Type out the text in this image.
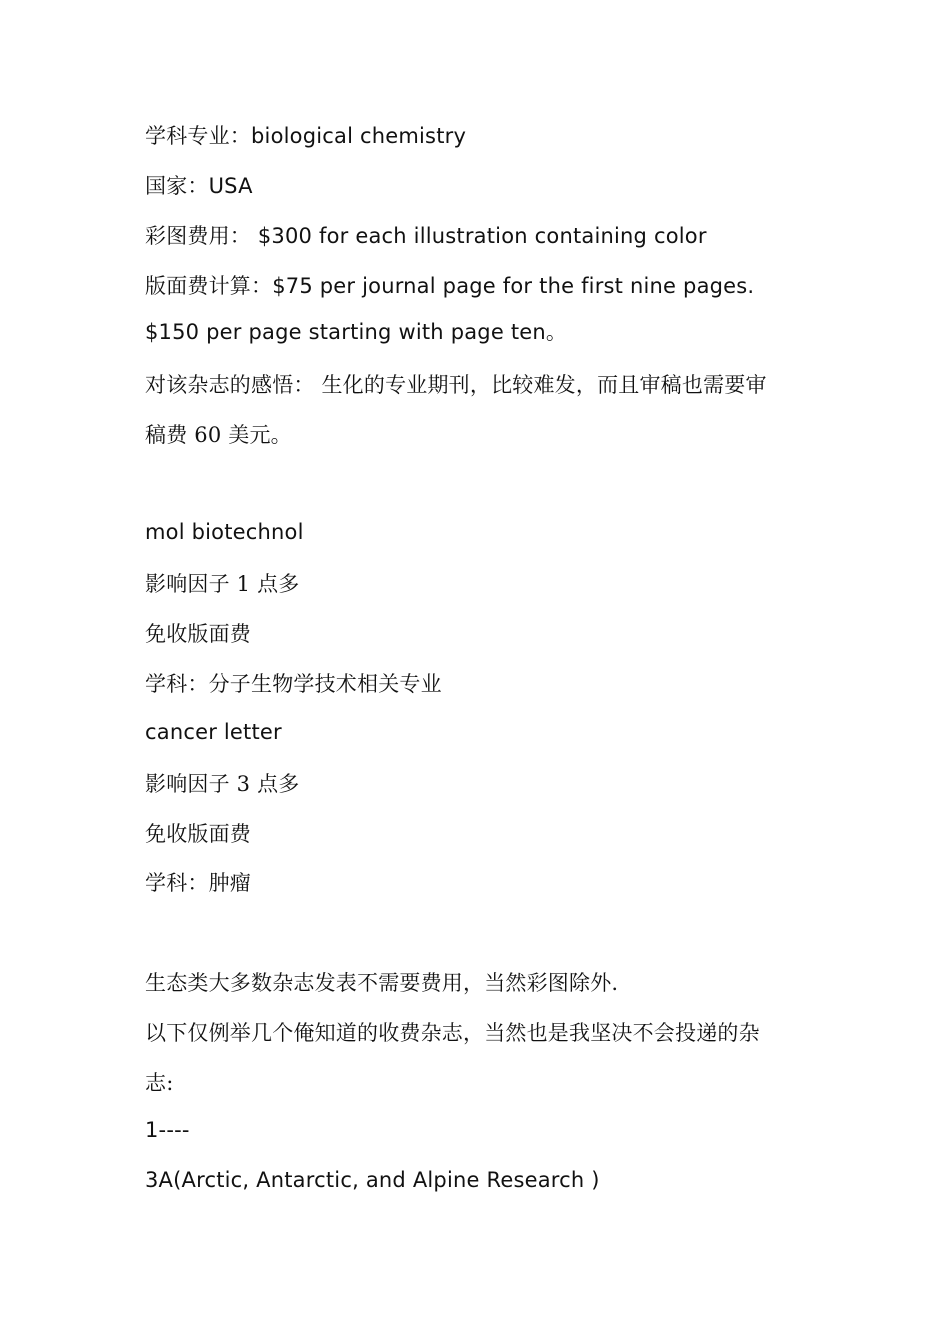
学科专业：biological chemistry
国家：USA
彩图费用： $300 for each illustration containing color
版面费计算：$75 per journal page for the first nine pages.
$150 per page starting with page ten。
对该杂志的感悟： 生化的专业期刊，比较难发，而且审稿也需要审
稿费 60 美元。
mol biotechnol
影响因子 1 点多
免收版面费
学科：分子生物学技术相关专业
cancer letter
影响因子 3 点多
免收版面费
学科：肿瘤
生态类大多数杂志发表不需要费用，当然彩图除外.
以下仅例举几个俺知道的收费杂志，当然也是我坚决不会投递的杂
志:
1----
3A(Arctic, Antarctic, and Alpine Research )
